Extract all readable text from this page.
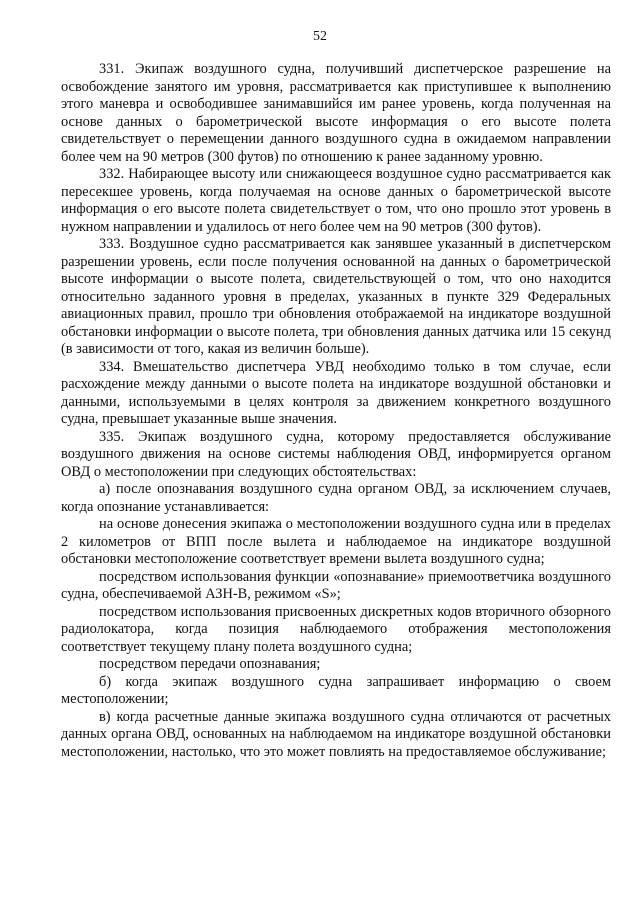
52

331. Экипаж воздушного судна, получивший диспетчерское разрешение на освобождение занятого им уровня, рассматривается как приступившее к выполнению этого маневра и освободившее занимавшийся им ранее уровень, когда полученная на основе данных о барометрической высоте информация о его высоте полета свидетельствует о перемещении данного воздушного судна в ожидаемом направлении более чем на 90 метров (300 футов) по отношению к ранее заданному уровню.

332. Набирающее высоту или снижающееся воздушное судно рассматривается как пересекшее уровень, когда получаемая на основе данных о барометрической высоте информация о его высоте полета свидетельствует о том, что оно прошло этот уровень в нужном направлении и удалилось от него более чем на 90 метров (300 футов).

333. Воздушное судно рассматривается как занявшее указанный в диспетчерском разрешении уровень, если после получения основанной на данных о барометрической высоте информации о высоте полета, свидетельствующей о том, что оно находится относительно заданного уровня в пределах, указанных в пункте 329 Федеральных авиационных правил, прошло три обновления отображаемой на индикаторе воздушной обстановки информации о высоте полета, три обновления данных датчика или 15 секунд (в зависимости от того, какая из величин больше).

334. Вмешательство диспетчера УВД необходимо только в том случае, если расхождение между данными о высоте полета на индикаторе воздушной обстановки и данными, используемыми в целях контроля за движением конкретного воздушного судна, превышает указанные выше значения.

335. Экипаж воздушного судна, которому предоставляется обслуживание воздушного движения на основе системы наблюдения ОВД, информируется органом ОВД о местоположении при следующих обстоятельствах:

а) после опознавания воздушного судна органом ОВД, за исключением случаев, когда опознание устанавливается:

на основе донесения экипажа о местоположении воздушного судна или в пределах 2 километров от ВПП после вылета и наблюдаемое на индикаторе воздушной обстановки местоположение соответствует времени вылета воздушного судна;

посредством использования функции «опознавание» приемоответчика воздушного судна, обеспечиваемой АЗН-В, режимом «S»;

посредством использования присвоенных дискретных кодов вторичного обзорного радиолокатора, когда позиция наблюдаемого отображения местоположения соответствует текущему плану полета воздушного судна;

посредством передачи опознавания;

б) когда экипаж воздушного судна запрашивает информацию о своем местоположении;

в) когда расчетные данные экипажа воздушного судна отличаются от расчетных данных органа ОВД, основанных на наблюдаемом на индикаторе воздушной обстановки местоположении, настолько, что это может повлиять на предоставляемое обслуживание;
